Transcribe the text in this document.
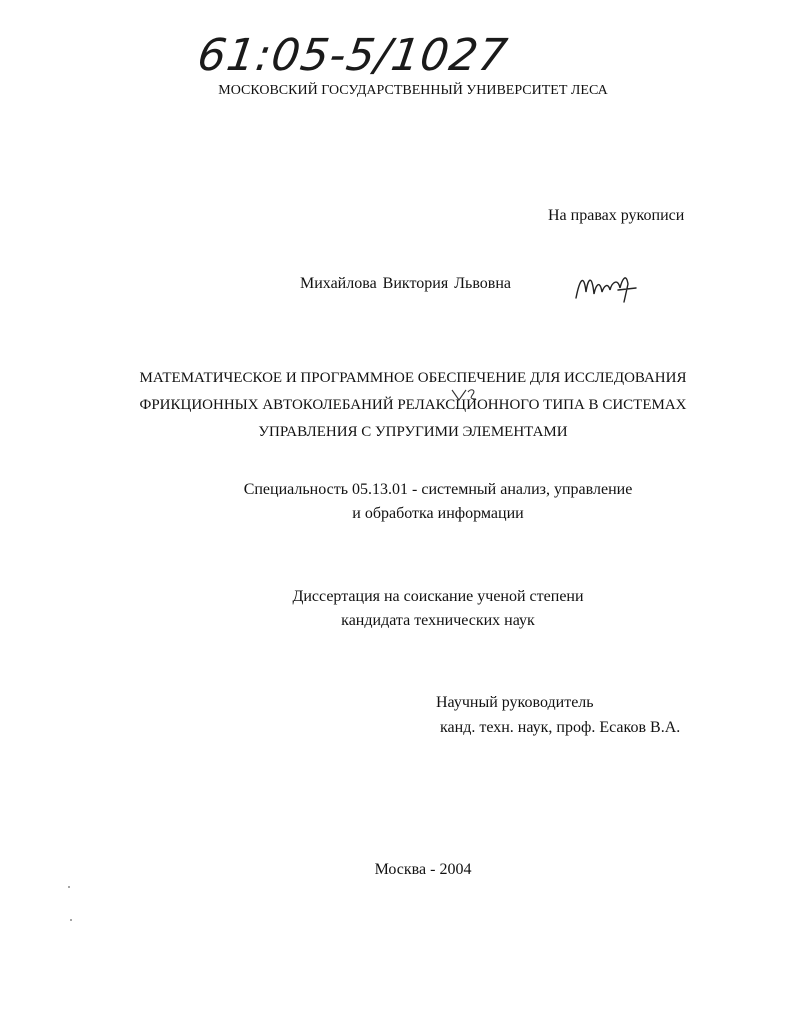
61:05-5/1027
МОСКОВСКИЙ ГОСУДАРСТВЕННЫЙ УНИВЕРСИТЕТ ЛЕСА
На правах рукописи
Михайлова Виктория Львовна
МАТЕМАТИЧЕСКОЕ И ПРОГРАММНОЕ ОБЕСПЕЧЕНИЕ ДЛЯ ИССЛЕДОВАНИЯ
ФРИКЦИОННЫХ АВТОКОЛЕБАНИЙ РЕЛАКСЦИОННОГО ТИПА В СИСТЕМАХ
УПРАВЛЕНИЯ С УПРУГИМИ ЭЛЕМЕНТАМИ
Специальность 05.13.01 - системный анализ, управление
и обработка информации
Диссертация на соискание ученой степени
кандидата технических наук
Научный руководитель
канд. техн. наук, проф. Есаков В.А.
Москва - 2004
